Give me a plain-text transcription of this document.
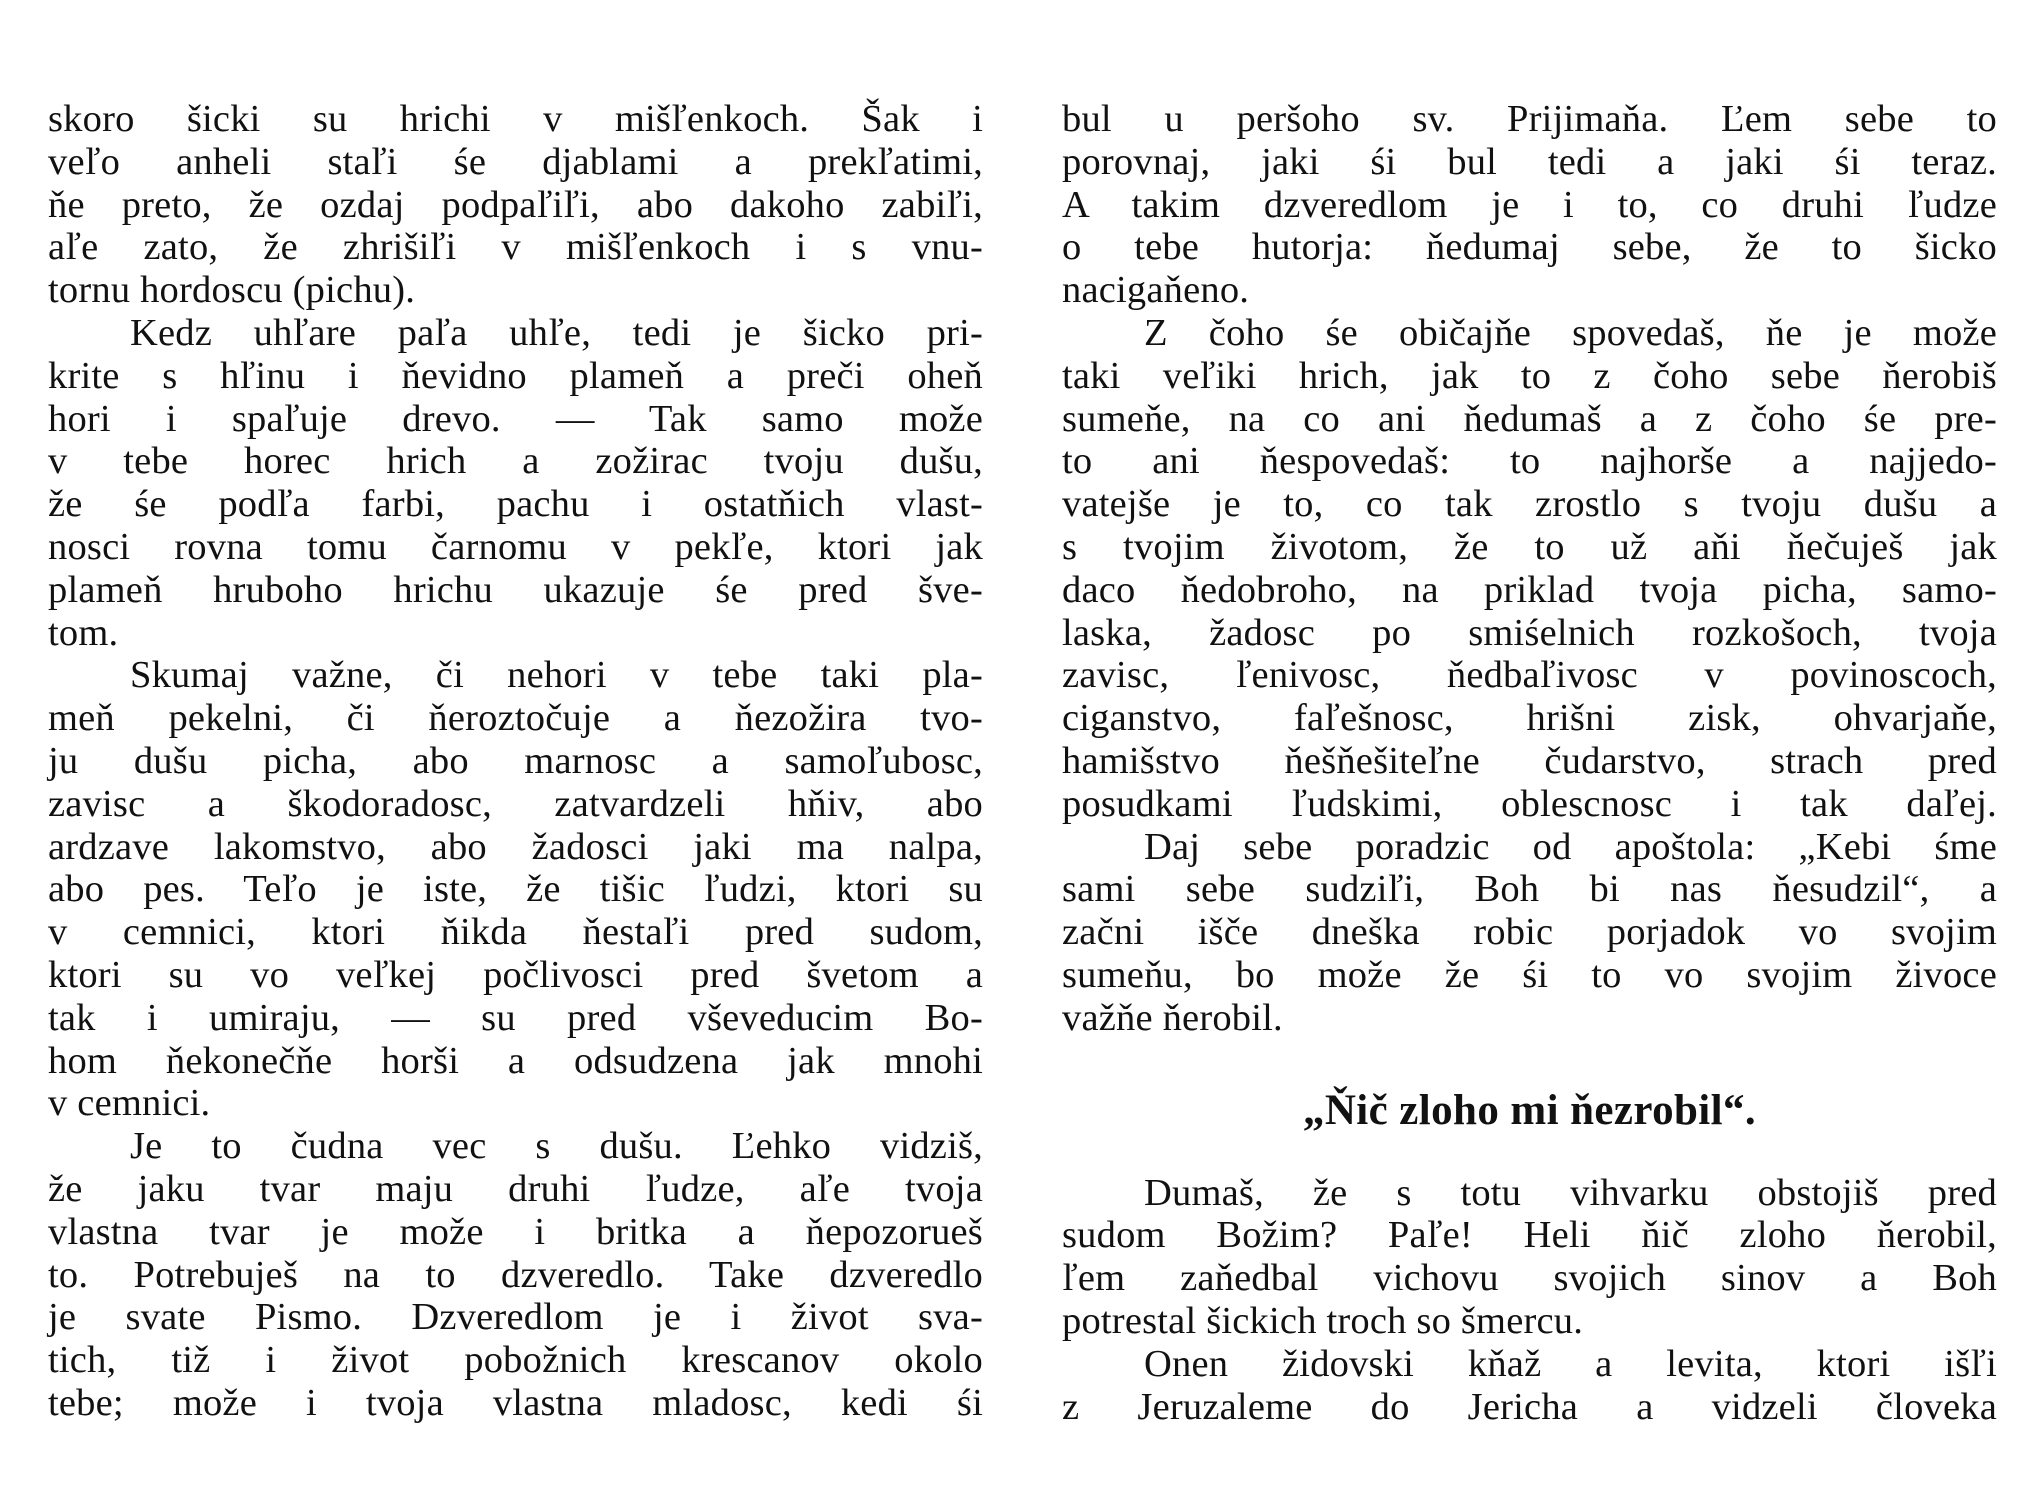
skoro šicki su hrichi v mišľenkoch. Šak i
veľo anheli staľi śe djablami a prekľatimi,
ňe preto, že ozdaj podpaľiľi, abo dakoho zabiľi,
aľe zato, že zhrišiľi v mišľenkoch i s vnu-
tornu hordoscu (pichu).
Kedz uhľare paľa uhľe, tedi je šicko pri-
krite s hľinu i ňevidno plameň a preči oheň
hori i spaľuje drevo. — Tak samo može
v tebe horec hrich a zožirac tvoju dušu,
že śe podľa farbi, pachu i ostatňich vlast-
nosci rovna tomu čarnomu v pekľe, ktori jak
plameň hruboho hrichu ukazuje śe pred šve-
tom.
Skumaj važne, či nehori v tebe taki pla-
meň pekelni, či ňeroztočuje a ňezožira tvo-
ju dušu picha, abo marnosc a samoľubosc,
zavisc a škodoradosc, zatvardzeli hňiv, abo
ardzave lakomstvo, abo žadosci jaki ma nalpa,
abo pes. Teľo je iste, že tišic ľudzi, ktori su
v cemnici, ktori ňikda ňestaľi pred sudom,
ktori su vo veľkej počlivosci pred švetom a
tak i umiraju, — su pred vševeducim Bo-
hom ňekonečňe horši a odsudzena jak mnohi
v cemnici.
Je to čudna vec s dušu. Ľehko vidziš,
že jaku tvar maju druhi ľudze, aľe tvoja
vlastna tvar je može i britka a ňepozorueš
to. Potrebuješ na to dzveredlo. Take dzveredlo
je svate Pismo. Dzveredlom je i život sva-
tich, tiž i život pobožnich krescanov okolo
tebe; može i tvoja vlastna mladosc, kedi śi
bul u peršoho sv. Prijimaňa. Ľem sebe to
porovnaj, jaki śi bul tedi a jaki śi teraz.
A takim dzveredlom je i to, co druhi ľudze
o tebe hutorja: ňedumaj sebe, že to šicko
nacigaňeno.
Z čoho śe običajňe spovedaš, ňe je može
taki veľiki hrich, jak to z čoho sebe ňerobiš
sumeňe, na co ani ňedumaš a z čoho śe pre-
to ani ňespovedaš: to najhorše a najjedo-
vatejše je to, co tak zrostlo s tvoju dušu a
s tvojim životom, že to už aňi ňečuješ jak
daco ňedobroho, na priklad tvoja picha, samo-
laska, žadosc po smiśelnich rozkošoch, tvoja
zavisc, ľenivosc, ňedbaľivosc v povinoscoch,
ciganstvo, faľešnosc, hrišni zisk, ohvarjaňe,
hamišstvo ňešňešiteľne čudarstvo, strach pred
posudkami ľudskimi, oblescnosc i tak daľej.
Daj sebe poradzic od apoštola: „Kebi śme
sami sebe sudziľi, Boh bi nas ňesudzil“, a
začni išče dneška robic porjadok vo svojim
sumeňu, bo može že śi to vo svojim živoce
važňe ňerobil.
„Ňič zloho mi ňezrobil“.
Dumaš, že s totu vihvarku obstojiš pred
sudom Božim? Paľe! Heli ňič zloho ňerobil,
ľem zaňedbal vichovu svojich sinov a Boh
potrestal šickich troch so šmercu.
Onen židovski kňaž a levita, ktori išľi
z Jeruzaleme do Jericha a vidzeli človeka
